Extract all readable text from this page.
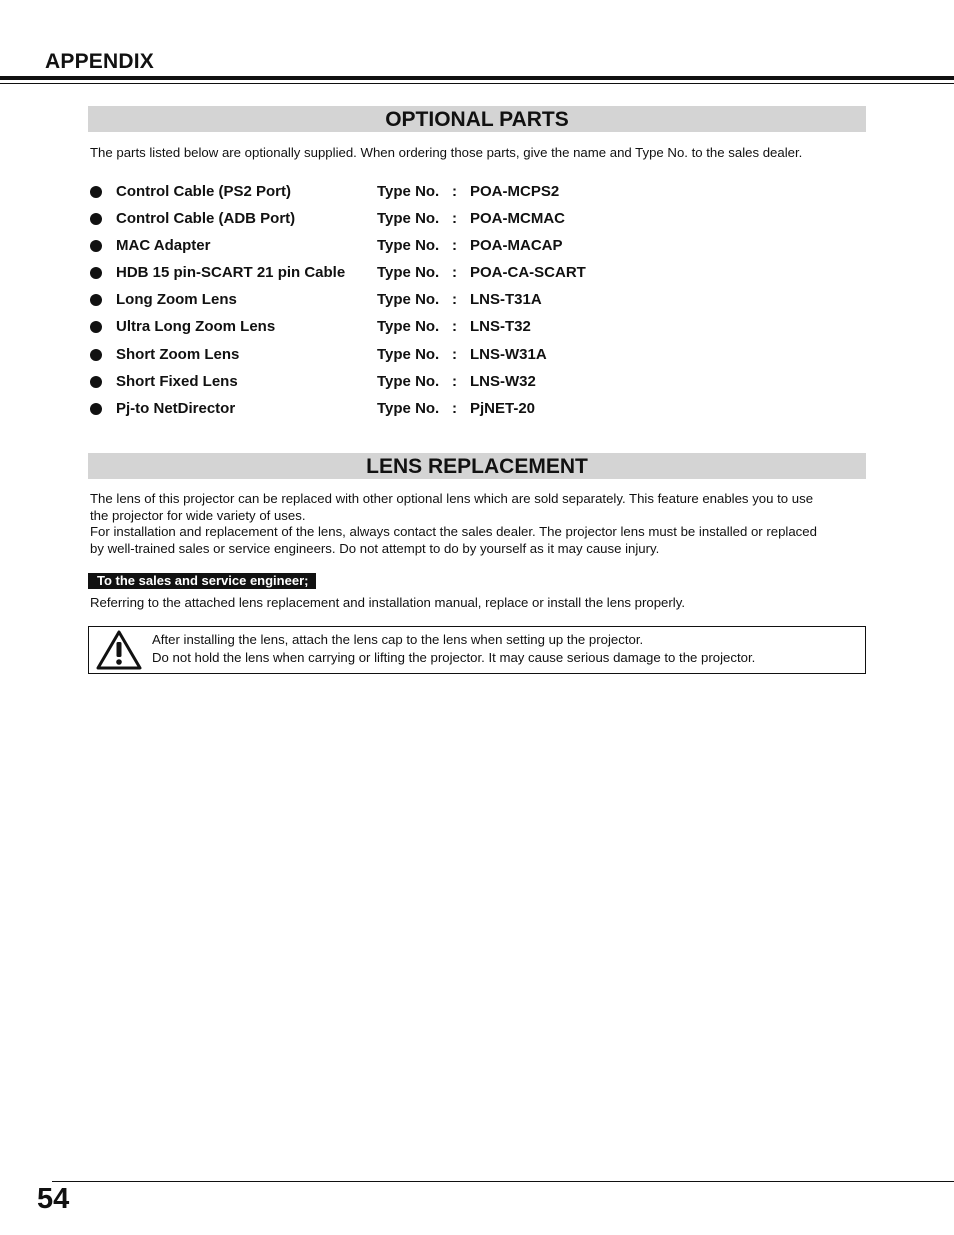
APPENDIX
OPTIONAL PARTS
The parts listed below are optionally supplied. When ordering those parts, give the name and Type No. to the sales dealer.
Control Cable (PS2 Port)	Type No. : POA-MCPS2
Control Cable (ADB Port)	Type No. : POA-MCMAC
MAC Adapter	Type No. : POA-MACAP
HDB 15 pin-SCART 21 pin Cable Type No. : POA-CA-SCART
Long Zoom Lens	Type No. : LNS-T31A
Ultra Long Zoom Lens	Type No. : LNS-T32
Short Zoom Lens	Type No. : LNS-W31A
Short Fixed Lens	Type No. : LNS-W32
Pj-to NetDirector	Type No. : PjNET-20
LENS REPLACEMENT
The lens of this projector can be replaced with other optional lens which are sold separately. This feature enables you to use
the projector for wide variety of uses.
For installation and replacement of the lens, always contact the sales dealer. The projector lens must be installed or replaced
by well-trained sales or service engineers. Do not attempt to do by yourself as it may cause injury.
To the sales and service engineer;
Referring to the attached lens replacement and installation manual, replace or install the lens properly.
After installing the lens, attach the lens cap to the lens when setting up the projector.
Do not hold the lens when carrying or lifting the projector. It may cause serious damage to the projector.
54
